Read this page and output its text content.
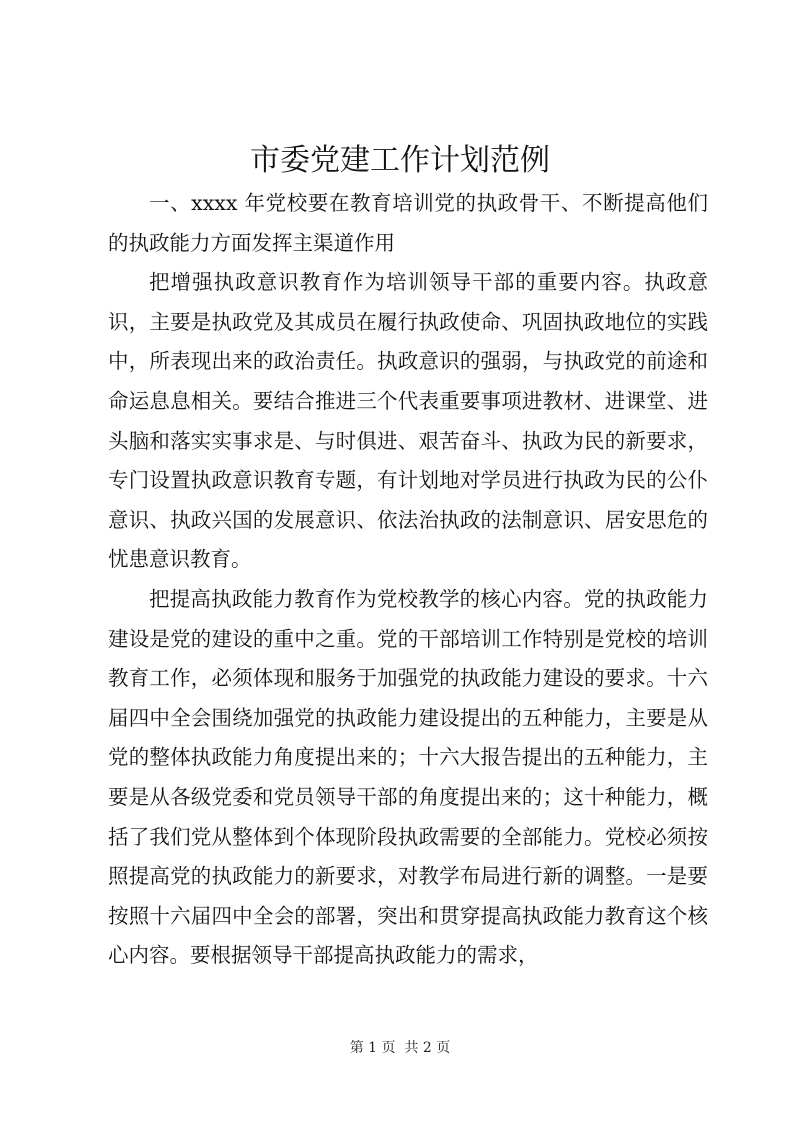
市委党建工作计划范例

一、xxxx 年党校要在教育培训党的执政骨干、不断提高他们的执政能力方面发挥主渠道作用

把增强执政意识教育作为培训领导干部的重要内容。执政意识，主要是执政党及其成员在履行执政使命、巩固执政地位的实践中，所表现出来的政治责任。执政意识的强弱，与执政党的前途和命运息息相关。要结合推进三个代表重要事项进教材、进课堂、进头脑和落实实事求是、与时俱进、艰苦奋斗、执政为民的新要求，专门设置执政意识教育专题，有计划地对学员进行执政为民的公仆意识、执政兴国的发展意识、依法治执政的法制意识、居安思危的忧患意识教育。

把提高执政能力教育作为党校教学的核心内容。党的执政能力建设是党的建设的重中之重。党的干部培训工作特别是党校的培训教育工作，必须体现和服务于加强党的执政能力建设的要求。十六届四中全会围绕加强党的执政能力建设提出的五种能力，主要是从党的整体执政能力角度提出来的；十六大报告提出的五种能力，主要是从各级党委和党员领导干部的角度提出来的；这十种能力，概括了我们党从整体到个体现阶段执政需要的全部能力。党校必须按照提高党的执政能力的新要求，对教学布局进行新的调整。一是要按照十六届四中全会的部署，突出和贯穿提高执政能力教育这个核心内容。要根据领导干部提高执政能力的需求，

第 1 页  共 2 页
